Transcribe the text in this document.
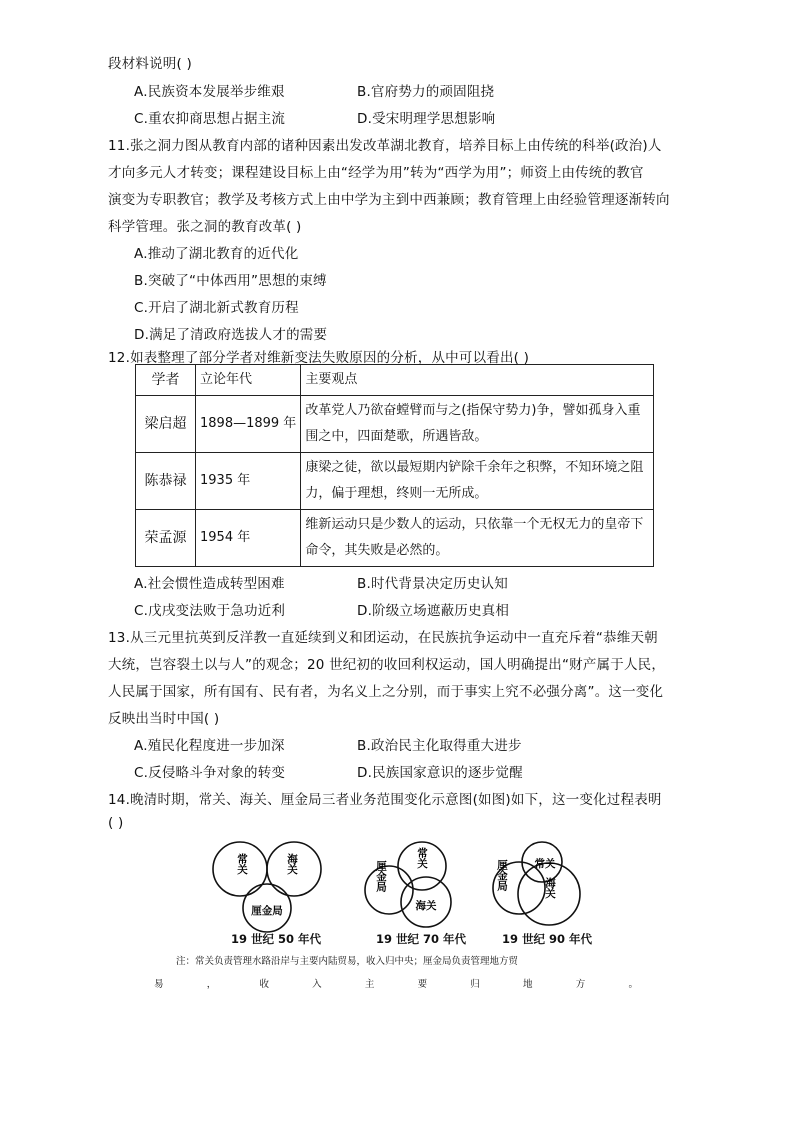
段材料说明( )
A.民族资本发展举步维艰	B.官府势力的顽固阻挠
C.重农抑商思想占据主流	D.受宋明理学思想影响
11.张之洞力图从教育内部的诸种因素出发改革湖北教育，培养目标上由传统的科举(政治)人
才向多元人才转变；课程建设目标上由“经学为用”转为“西学为用”；师资上由传统的教官
演变为专职教官；教学及考核方式上由中学为主到中西兼顾；教育管理上由经验管理逐渐转向
科学管理。张之洞的教育改革( )
A.推动了湖北教育的近代化
B.突破了“中体西用”思想的束缚
C.开启了湖北新式教育历程
D.满足了清政府选拔人才的需要
12.如表整理了部分学者对维新变法失败原因的分析，从中可以看出( )
学者	立论年代	主要观点
梁启超	1898—1899 年	改革党人乃欲奋螳臂而与之(指保守势力)争，譬如孤身入重围之中，四面楚歌，所遇皆敌。
陈恭禄	1935 年	康梁之徒，欲以最短期内铲除千余年之积弊，不知环境之阻力，偏于理想，终则一无所成。
荣孟源	1954 年	维新运动只是少数人的运动，只依靠一个无权无力的皇帝下命令，其失败是必然的。
A.社会惯性造成转型困难	B.时代背景决定历史认知
C.戊戌变法败于急功近利	D.阶级立场遮蔽历史真相
13.从三元里抗英到反洋教一直延续到义和团运动，在民族抗争运动中一直充斥着“恭维天朝
大统，岂容裂土以与人”的观念；20 世纪初的收回利权运动，国人明确提出“财产属于人民，
人民属于国家，所有国有、民有者，为名义上之分别，而于事实上究不必强分离”。这一变化
反映出当时中国( )
A.殖民化程度进一步加深	B.政治民主化取得重大进步
C.反侵略斗争对象的转变	D.民族国家意识的逐步觉醒
14.晚清时期，常关、海关、厘金局三者业务范围变化示意图(如图)如下，这一变化过程表明
( )
常关	海关
厘金局
常关
厘金局
海关
常关
厘金局	海关
19 世纪 50 年代	19 世纪 70 年代	19 世纪 90 年代
注：常关负责管理水路沿岸与主要内陆贸易，收入归中央；厘金局负责管理地方贸
易	，	收	入	主	要	归	地	方	。
